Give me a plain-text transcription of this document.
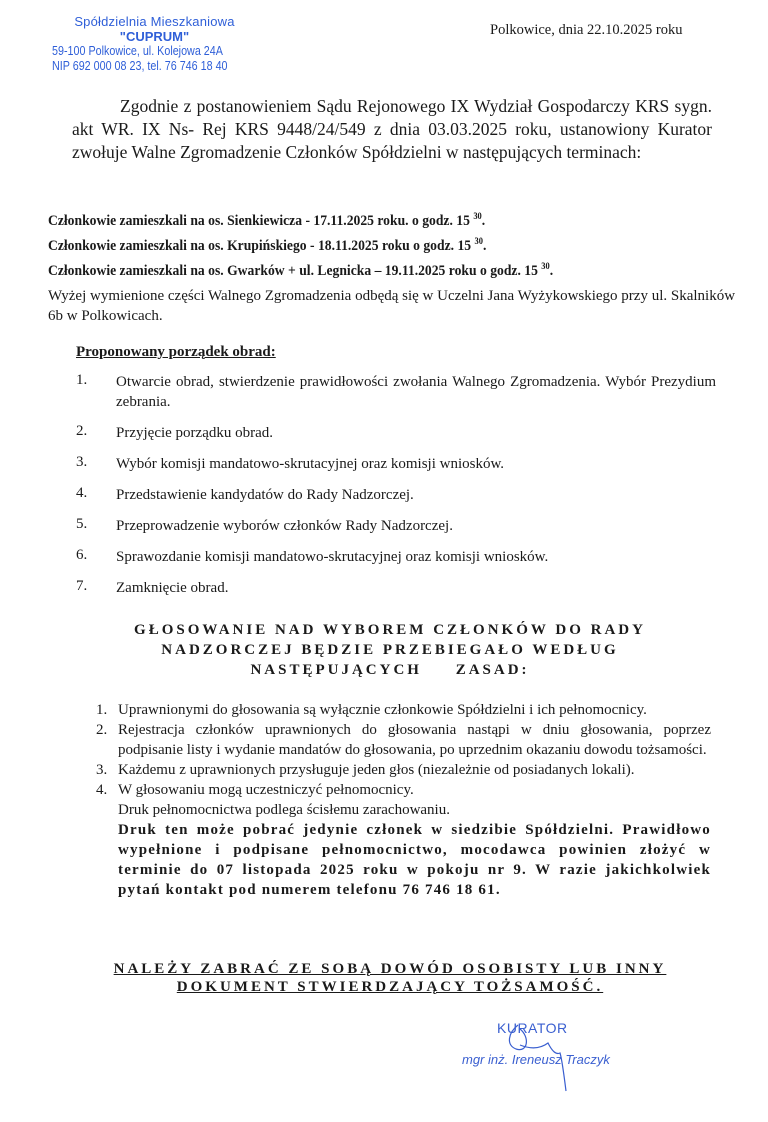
Spółdzielnia Mieszkaniowa
"CUPRUM"
59-100 Polkowice, ul. Kolejowa 24A
NIP 692 000 08 23, tel. 76 746 18 40
Polkowice, dnia 22.10.2025 roku
Zgodnie z postanowieniem Sądu Rejonowego IX Wydział Gospodarczy KRS sygn. akt WR. IX Ns- Rej KRS 9448/24/549 z dnia 03.03.2025 roku, ustanowiony Kurator zwołuje Walne Zgromadzenie Członków Spółdzielni w następujących terminach:
Członkowie zamieszkali na os. Sienkiewicza - 17.11.2025 roku. o godz. 15 $^{30}$.
Członkowie zamieszkali na os. Krupińskiego - 18.11.2025 roku o godz. 15 $^{30}$.
Członkowie zamieszkali na os. Gwarków + ul. Legnicka – 19.11.2025 roku o godz. 15 $^{30}$.
Wyżej wymienione części Walnego Zgromadzenia odbędą się w Uczelni Jana Wyżykowskiego przy ul. Skalników 6b w Polkowicach.
Proponowany porządek obrad:
1.	Otwarcie obrad, stwierdzenie prawidłowości zwołania Walnego Zgromadzenia. Wybór Prezydium zebrania.
2.	Przyjęcie porządku obrad.
3.	Wybór komisji mandatowo-skrutacyjnej oraz komisji wniosków.
4.	Przedstawienie kandydatów do Rady Nadzorczej.
5.	Przeprowadzenie wyborów członków Rady Nadzorczej.
6.	Sprawozdanie komisji mandatowo-skrutacyjnej oraz komisji wniosków.
7.	Zamknięcie obrad.
GŁOSOWANIE NAD WYBOREM CZŁONKÓW DO RADY
NADZORCZEJ BĘDZIE PRZEBIEGAŁO WEDŁUG
NASTĘPUJĄCYCH     ZASAD:
1. Uprawnionymi do głosowania są wyłącznie członkowie Spółdzielni i ich pełnomocnicy.
2. Rejestracja członków uprawnionych do głosowania nastąpi w dniu głosowania, poprzez podpisanie listy i wydanie mandatów do głosowania, po uprzednim okazaniu dowodu tożsamości.
3. Każdemu z uprawnionych przysługuje jeden głos (niezależnie od posiadanych lokali).
4. W głosowaniu mogą uczestniczyć pełnomocnicy.
Druk pełnomocnictwa podlega ścisłemu zarachowaniu.
Druk ten może pobrać jedynie członek w siedzibie Spółdzielni. Prawidłowo wypełnione i podpisane pełnomocnictwo, mocodawca powinien złożyć w terminie do 07 listopada 2025 roku w pokoju nr 9. W razie jakichkolwiek pytań kontakt pod numerem telefonu 76 746 18 61.
NALEŻY ZABRAĆ ZE SOBĄ DOWÓD OSOBISTY LUB INNY
DOKUMENT STWIERDZAJĄCY TOŻSAMOŚĆ.
KURATOR
mgr inż. Ireneusz Traczyk
